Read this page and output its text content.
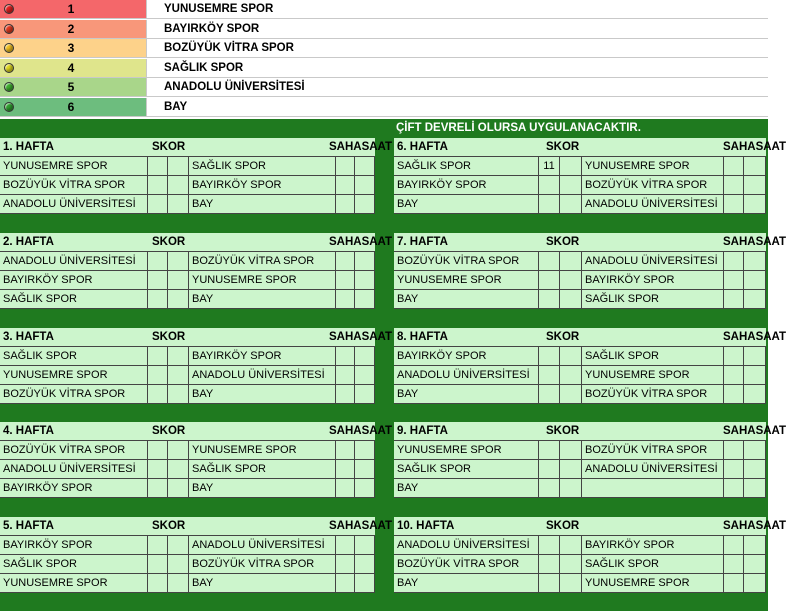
1	YUNUSEMRE SPOR
2	BAYIRKÖY SPOR
3	BOZÜYÜK VİTRA SPOR
4	SAĞLIK SPOR
5	ANADOLU ÜNİVERSİTESİ
6	BAY
ÇİFT DEVRELİ OLURSA UYGULANACAKTIR.
1. HAFTA	SKOR	SAHASAAT
YUNUSEMRE SPOR	SAĞLIK SPOR
BOZÜYÜK VİTRA SPOR	BAYIRKÖY SPOR
ANADOLU ÜNİVERSİTESİ	BAY
6. HAFTA	SKOR	SAHASAAT
SAĞLIK SPOR	11	YUNUSEMRE SPOR
BAYIRKÖY SPOR	BOZÜYÜK VİTRA SPOR
BAY	ANADOLU ÜNİVERSİTESİ
2. HAFTA	SKOR	SAHASAAT
ANADOLU ÜNİVERSİTESİ	BOZÜYÜK VİTRA SPOR
BAYIRKÖY SPOR	YUNUSEMRE SPOR
SAĞLIK SPOR	BAY
7. HAFTA	SKOR	SAHASAAT
BOZÜYÜK VİTRA SPOR	ANADOLU ÜNİVERSİTESİ
YUNUSEMRE SPOR	BAYIRKÖY SPOR
BAY	SAĞLIK SPOR
3. HAFTA	SKOR	SAHASAAT
SAĞLIK SPOR	BAYIRKÖY SPOR
YUNUSEMRE SPOR	ANADOLU ÜNİVERSİTESİ
BOZÜYÜK VİTRA SPOR	BAY
8. HAFTA	SKOR	SAHASAAT
BAYIRKÖY SPOR	SAĞLIK SPOR
ANADOLU ÜNİVERSİTESİ	YUNUSEMRE SPOR
BAY	BOZÜYÜK VİTRA SPOR
4. HAFTA	SKOR	SAHASAAT
BOZÜYÜK VİTRA SPOR	YUNUSEMRE SPOR
ANADOLU ÜNİVERSİTESİ	SAĞLIK SPOR
BAYIRKÖY SPOR	BAY
9. HAFTA	SKOR	SAHASAAT
YUNUSEMRE SPOR	BOZÜYÜK VİTRA SPOR
SAĞLIK SPOR	ANADOLU ÜNİVERSİTESİ
BAY
5. HAFTA	SKOR	SAHASAAT
BAYIRKÖY SPOR	ANADOLU ÜNİVERSİTESİ
SAĞLIK SPOR	BOZÜYÜK VİTRA SPOR
YUNUSEMRE SPOR	BAY
10. HAFTA	SKOR	SAHASAAT
ANADOLU ÜNİVERSİTESİ	BAYIRKÖY SPOR
BOZÜYÜK VİTRA SPOR	SAĞLIK SPOR
BAY	YUNUSEMRE SPOR
